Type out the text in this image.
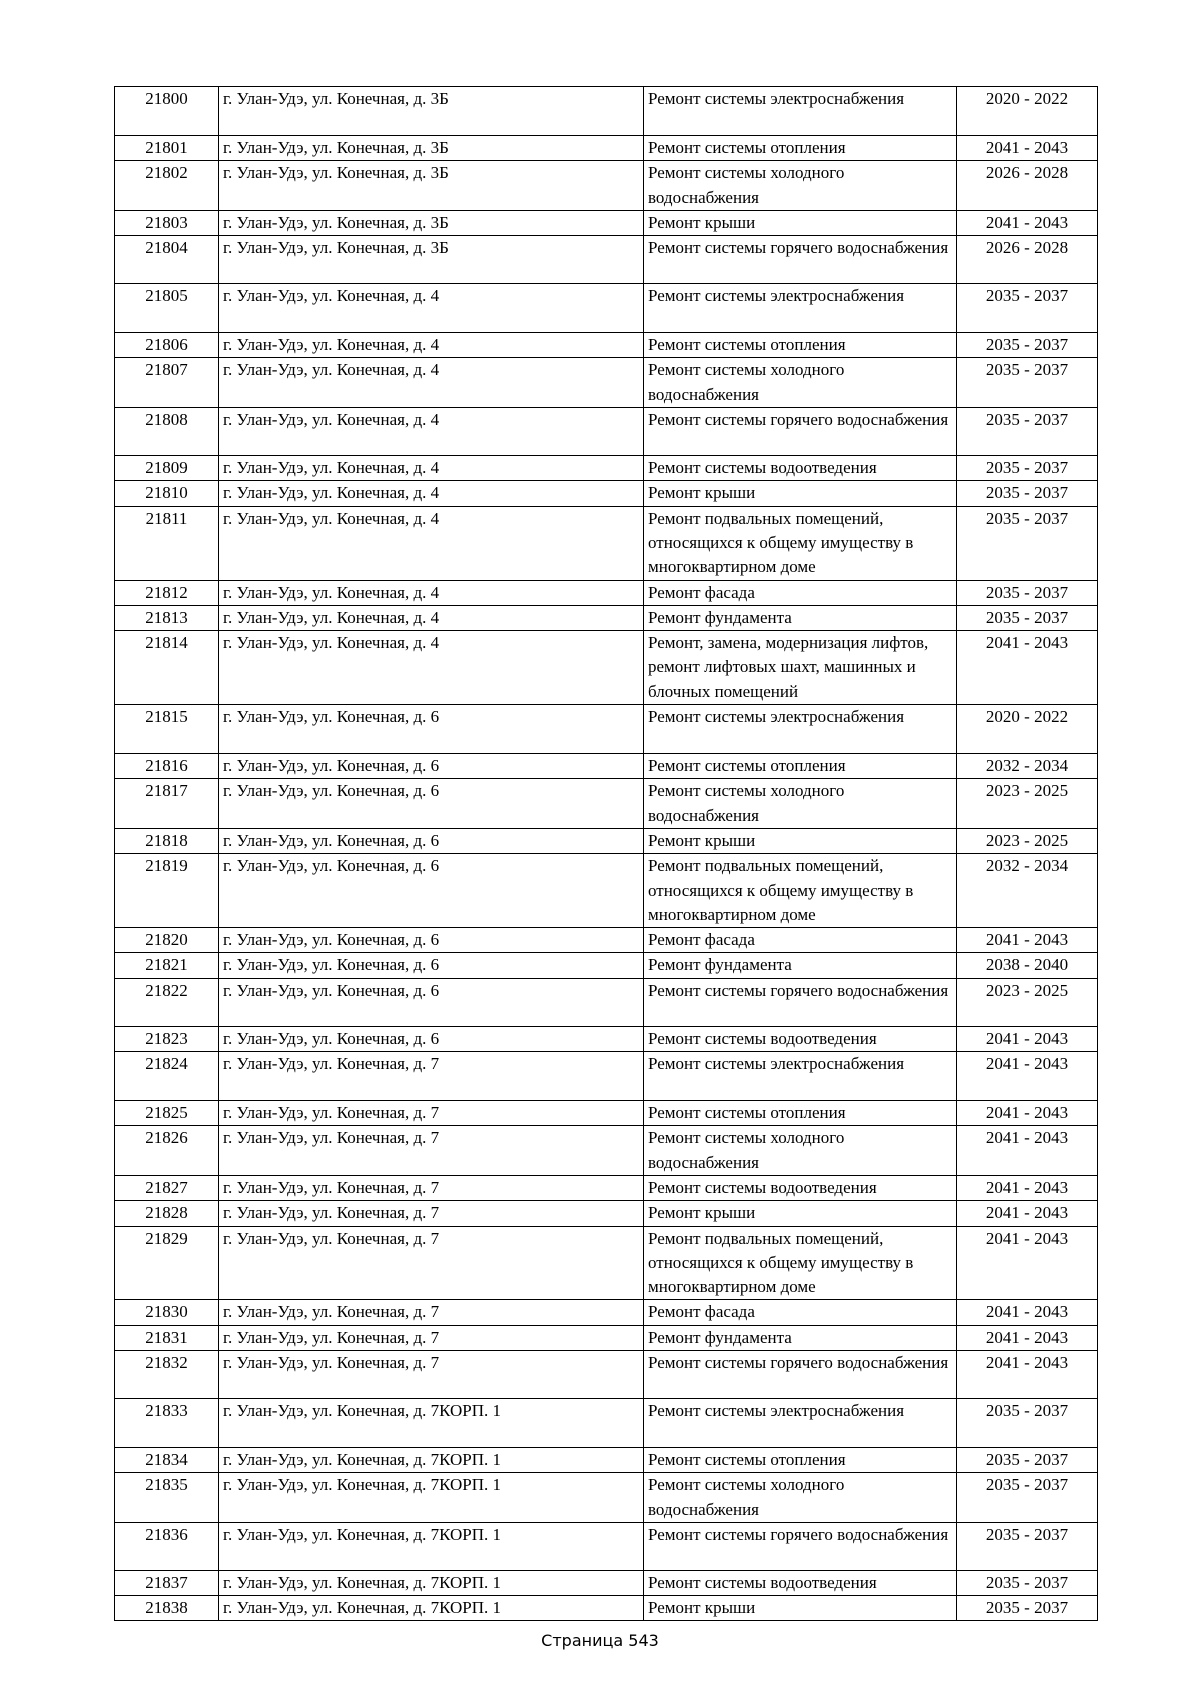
21800	г. Улан-Удэ, ул. Конечная, д. 3Б	Ремонт системы электроснабжения	2020 - 2022
21801	г. Улан-Удэ, ул. Конечная, д. 3Б	Ремонт системы отопления	2041 - 2043
21802	г. Улан-Удэ, ул. Конечная, д. 3Б	Ремонт системы холодного водоснабжения	2026 - 2028
21803	г. Улан-Удэ, ул. Конечная, д. 3Б	Ремонт крыши	2041 - 2043
21804	г. Улан-Удэ, ул. Конечная, д. 3Б	Ремонт системы горячего водоснабжения	2026 - 2028
21805	г. Улан-Удэ, ул. Конечная, д. 4	Ремонт системы электроснабжения	2035 - 2037
21806	г. Улан-Удэ, ул. Конечная, д. 4	Ремонт системы отопления	2035 - 2037
21807	г. Улан-Удэ, ул. Конечная, д. 4	Ремонт системы холодного водоснабжения	2035 - 2037
21808	г. Улан-Удэ, ул. Конечная, д. 4	Ремонт системы горячего водоснабжения	2035 - 2037
21809	г. Улан-Удэ, ул. Конечная, д. 4	Ремонт системы водоотведения	2035 - 2037
21810	г. Улан-Удэ, ул. Конечная, д. 4	Ремонт крыши	2035 - 2037
21811	г. Улан-Удэ, ул. Конечная, д. 4	Ремонт подвальных помещений, относящихся к общему имуществу в многоквартирном доме	2035 - 2037
21812	г. Улан-Удэ, ул. Конечная, д. 4	Ремонт фасада	2035 - 2037
21813	г. Улан-Удэ, ул. Конечная, д. 4	Ремонт фундамента	2035 - 2037
21814	г. Улан-Удэ, ул. Конечная, д. 4	Ремонт, замена, модернизация лифтов, ремонт лифтовых шахт, машинных и блочных помещений	2041 - 2043
21815	г. Улан-Удэ, ул. Конечная, д. 6	Ремонт системы электроснабжения	2020 - 2022
21816	г. Улан-Удэ, ул. Конечная, д. 6	Ремонт системы отопления	2032 - 2034
21817	г. Улан-Удэ, ул. Конечная, д. 6	Ремонт системы холодного водоснабжения	2023 - 2025
21818	г. Улан-Удэ, ул. Конечная, д. 6	Ремонт крыши	2023 - 2025
21819	г. Улан-Удэ, ул. Конечная, д. 6	Ремонт подвальных помещений, относящихся к общему имуществу в многоквартирном доме	2032 - 2034
21820	г. Улан-Удэ, ул. Конечная, д. 6	Ремонт фасада	2041 - 2043
21821	г. Улан-Удэ, ул. Конечная, д. 6	Ремонт фундамента	2038 - 2040
21822	г. Улан-Удэ, ул. Конечная, д. 6	Ремонт системы горячего водоснабжения	2023 - 2025
21823	г. Улан-Удэ, ул. Конечная, д. 6	Ремонт системы водоотведения	2041 - 2043
21824	г. Улан-Удэ, ул. Конечная, д. 7	Ремонт системы электроснабжения	2041 - 2043
21825	г. Улан-Удэ, ул. Конечная, д. 7	Ремонт системы отопления	2041 - 2043
21826	г. Улан-Удэ, ул. Конечная, д. 7	Ремонт системы холодного водоснабжения	2041 - 2043
21827	г. Улан-Удэ, ул. Конечная, д. 7	Ремонт системы водоотведения	2041 - 2043
21828	г. Улан-Удэ, ул. Конечная, д. 7	Ремонт крыши	2041 - 2043
21829	г. Улан-Удэ, ул. Конечная, д. 7	Ремонт подвальных помещений, относящихся к общему имуществу в многоквартирном доме	2041 - 2043
21830	г. Улан-Удэ, ул. Конечная, д. 7	Ремонт фасада	2041 - 2043
21831	г. Улан-Удэ, ул. Конечная, д. 7	Ремонт фундамента	2041 - 2043
21832	г. Улан-Удэ, ул. Конечная, д. 7	Ремонт системы горячего водоснабжения	2041 - 2043
21833	г. Улан-Удэ, ул. Конечная, д. 7КОРП. 1	Ремонт системы электроснабжения	2035 - 2037
21834	г. Улан-Удэ, ул. Конечная, д. 7КОРП. 1	Ремонт системы отопления	2035 - 2037
21835	г. Улан-Удэ, ул. Конечная, д. 7КОРП. 1	Ремонт системы холодного водоснабжения	2035 - 2037
21836	г. Улан-Удэ, ул. Конечная, д. 7КОРП. 1	Ремонт системы горячего водоснабжения	2035 - 2037
21837	г. Улан-Удэ, ул. Конечная, д. 7КОРП. 1	Ремонт системы водоотведения	2035 - 2037
21838	г. Улан-Удэ, ул. Конечная, д. 7КОРП. 1	Ремонт крыши	2035 - 2037
Страница 543
